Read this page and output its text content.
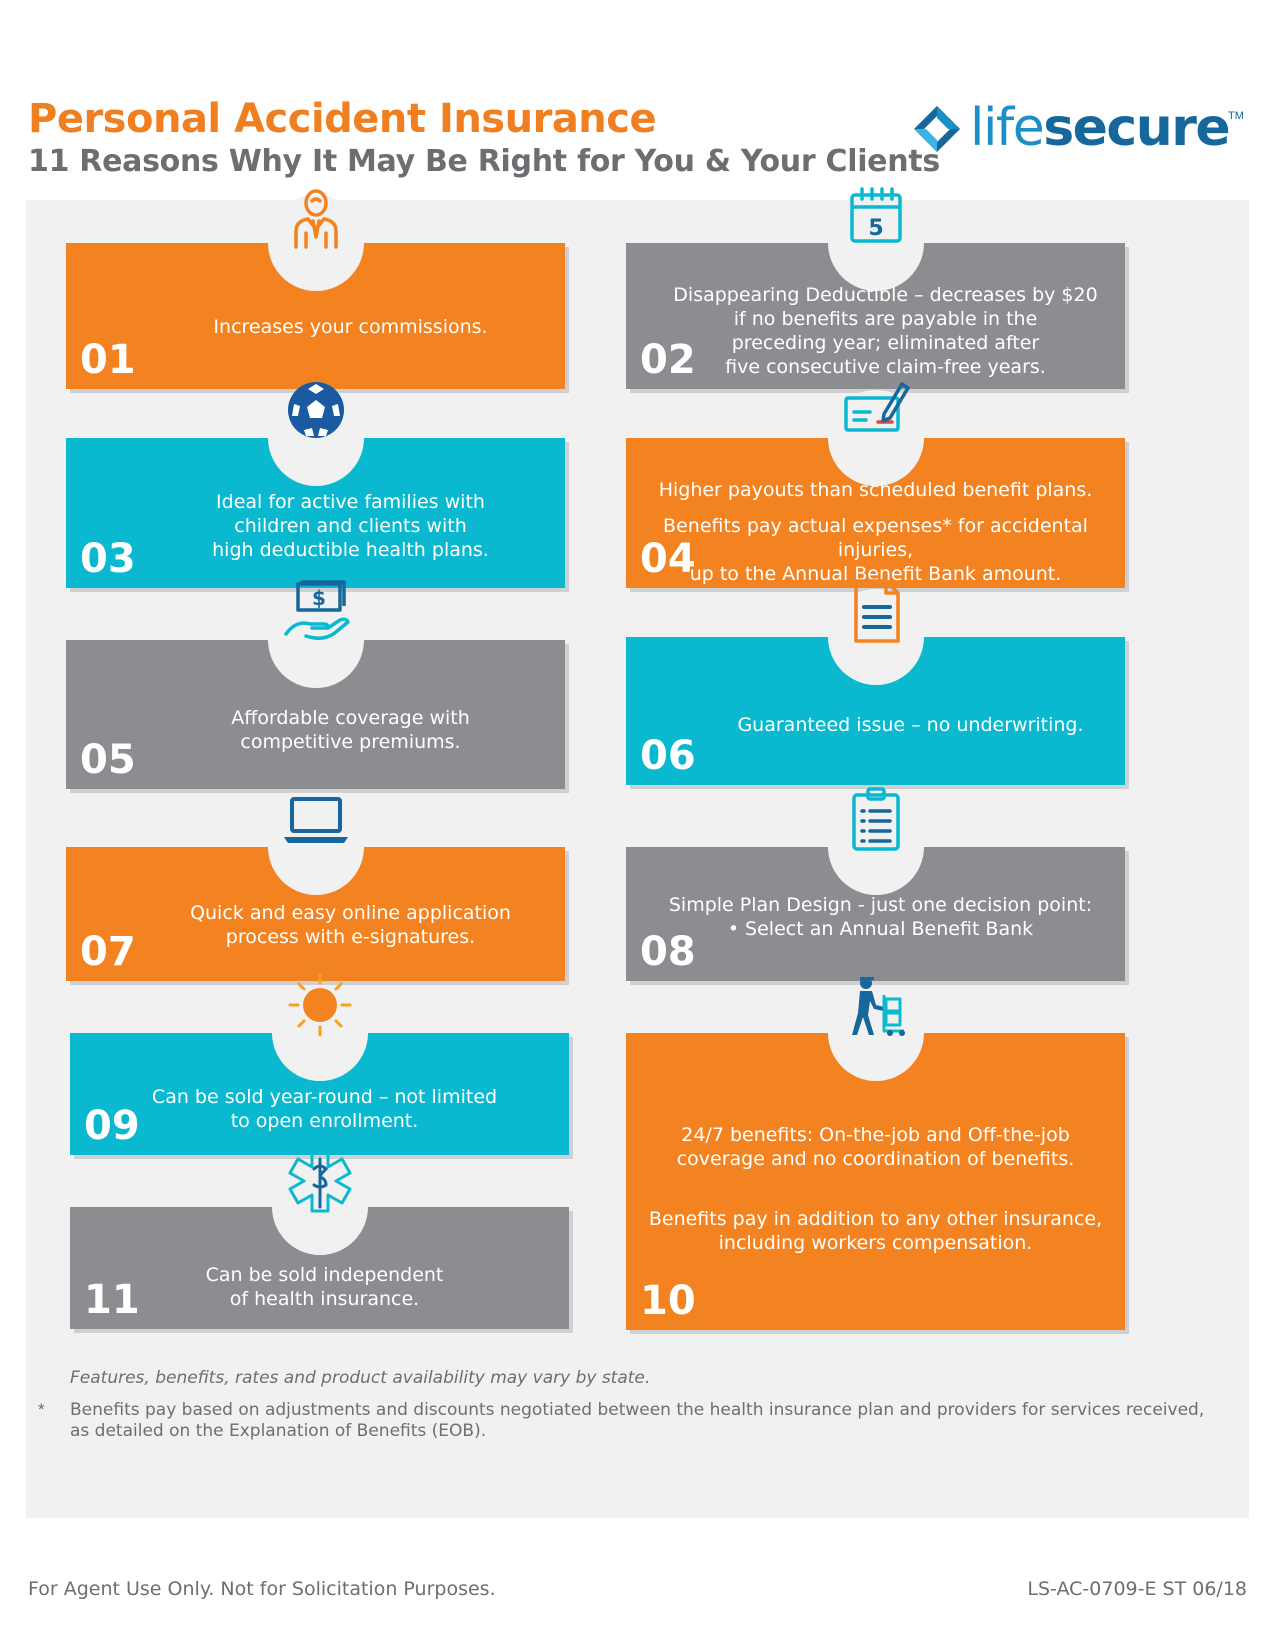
Personal Accident Insurance
11 Reasons Why It May Be Right for You & Your Clients
lifesecure
TM
01
Increases your commissions.
5
02
Disappearing Deductible – decreases by $20
if no benefits are payable in the
preceding year; eliminated after
five consecutive claim-free years.
03
Ideal for active families with
children and clients with
high deductible health plans.	04
Higher payouts than scheduled benefit plans.
Benefits pay actual expenses* for accidental injuries,
up to the Annual Benefit Bank amount.
$
05
Affordable coverage with
competitive premiums.	06
Guaranteed issue – no underwriting.
07
Quick and easy online application
process with e-signatures.	08
Simple Plan Design - just one decision point:
• Select an Annual Benefit Bank
09
Can be sold year-round – not limited
to open enrollment.
10
24/7 benefits: On-the-job and Off-the-job
coverage and no coordination of benefits.
Benefits pay in addition to any other insurance,
including workers compensation.
11
Can be sold independent
of health insurance.
Features, benefits, rates and product availability may vary by state.
* Benefits pay based on adjustments and discounts negotiated between the health insurance plan and providers for services received,
as detailed on the Explanation of Benefits (EOB).
For Agent Use Only. Not for Solicitation Purposes.	LS-AC-0709-E ST 06/18
